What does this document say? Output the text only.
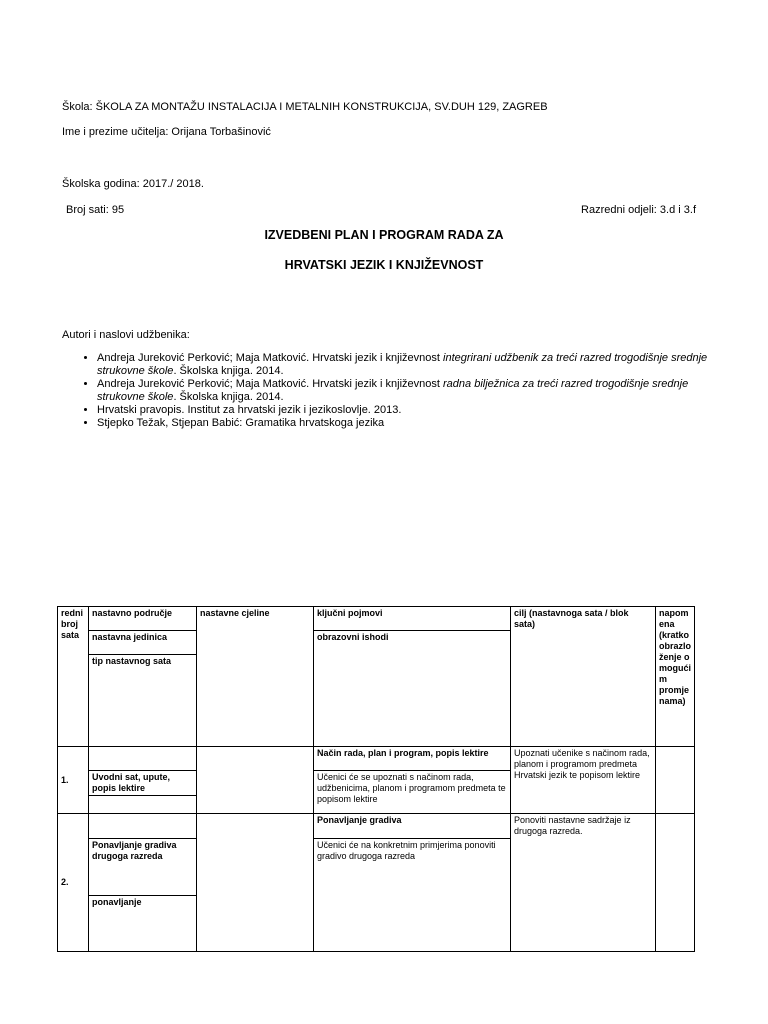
Škola: ŠKOLA ZA MONTAŽU INSTALACIJA I METALNIH KONSTRUKCIJA, SV.DUH 129, ZAGREB
Ime i prezime učitelja: Orijana Torbašinović
Školska godina: 2017./ 2018.
Broj sati: 95	Razredni odjeli: 3.d i 3.f
IZVEDBENI PLAN I PROGRAM RADA ZA
HRVATSKI JEZIK I KNJIŽEVNOST
Autori i naslovi udžbenika:
• Andreja Jureković Perković; Maja Matković. Hrvatski jezik i književnost integrirani udžbenik za treći razred trogodišnje srednje strukovne škole. Školska knjiga. 2014.
• Andreja Jureković Perković; Maja Matković. Hrvatski jezik i književnost radna bilježnica za treći razred trogodišnje srednje strukovne škole. Školska knjiga. 2014.
• Hrvatski pravopis. Institut za hrvatski jezik i jezikoslovlje. 2013.
• Stjepko Težak, Stjepan Babić: Gramatika hrvatskoga jezika
redni broj sata	nastavno područje	nastavne cjeline	ključni pojmovi	cilj (nastavnoga sata / blok sata)	napomena (kratko obrazloženje o mogućim promjenama)
	nastavna jedinica		obrazovni ishodi		
	tip nastavnog sata				
1.			Način rada, plan i program, popis lektire	Upoznati učenike s načinom rada, planom i programom predmeta Hrvatski jezik te popisom lektire	
	Uvodni sat, upute, popis lektire		Učenici će se upoznati s načinom rada, udžbenicima, planom i programom predmeta te popisom lektire		

2.			Ponavljanje gradiva	Ponoviti nastavne sadržaje iz drugoga razreda.	
	Ponavljanje gradiva drugoga razreda		Učenici će na konkretnim primjerima ponoviti gradivo drugoga razreda		
	ponavljanje				
